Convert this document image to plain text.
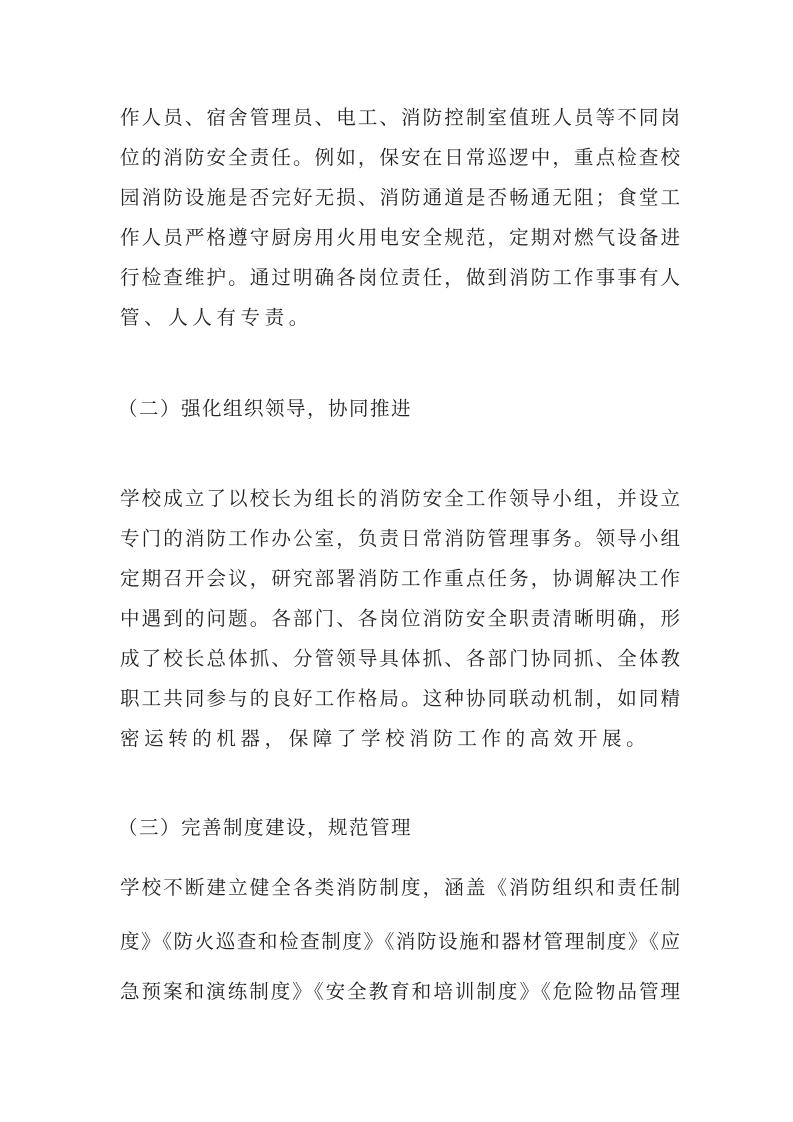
作人员、宿舍管理员、电工、消防控制室值班人员等不同岗
位的消防安全责任。例如，保安在日常巡逻中，重点检查校
园消防设施是否完好无损、消防通道是否畅通无阻；食堂工
作人员严格遵守厨房用火用电安全规范，定期对燃气设备进
行检查维护。通过明确各岗位责任，做到消防工作事事有人
管、人人有专责。
（二）强化组织领导，协同推进
学校成立了以校长为组长的消防安全工作领导小组，并设立
专门的消防工作办公室，负责日常消防管理事务。领导小组
定期召开会议，研究部署消防工作重点任务，协调解决工作
中遇到的问题。各部门、各岗位消防安全职责清晰明确，形
成了校长总体抓、分管领导具体抓、各部门协同抓、全体教
职工共同参与的良好工作格局。这种协同联动机制，如同精
密运转的机器，保障了学校消防工作的高效开展。
（三）完善制度建设，规范管理
学校不断建立健全各类消防制度，涵盖《消防组织和责任制
度》《防火巡查和检查制度》《消防设施和器材管理制度》《应
急预案和演练制度》《安全教育和培训制度》《危险物品管理
